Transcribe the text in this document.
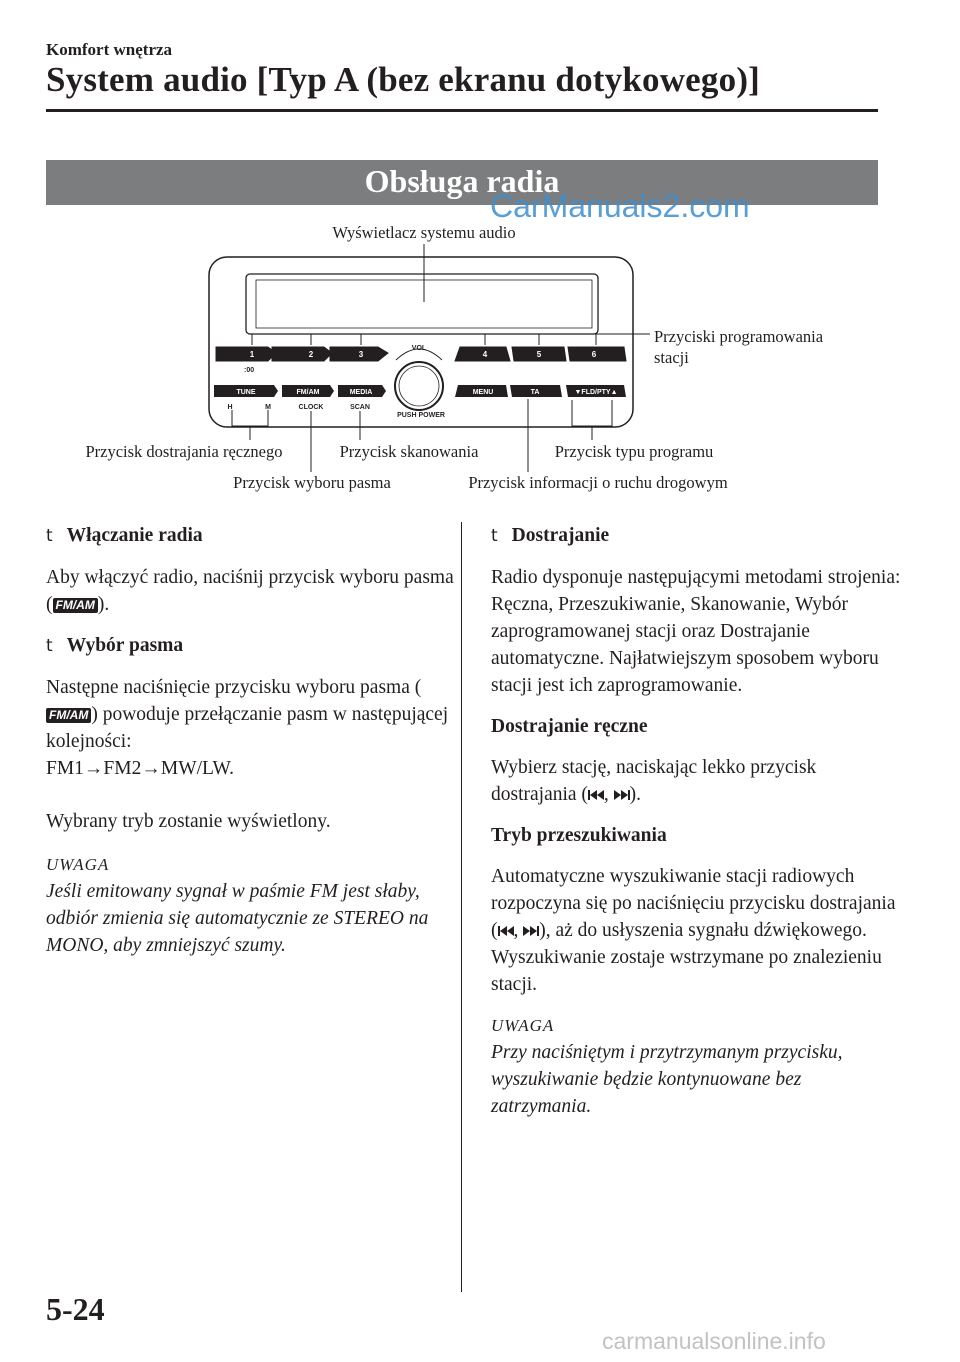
Komfort wnętrza
System audio [Typ A (bez ekranu dotykowego)]
Obsługa radia
CarManuals2.com
Wyświetlacz systemu audio
Przyciski programowania
stacji
Przycisk dostrajania ręcznego	Przycisk skanowania	Przycisk typu programu
Przycisk wyboru pasma	Przycisk informacji o ruchu drogowym
1	2	3	4	5	6
:00
VOL
PUSH POWER
TUNE	FM/AM	MEDIA	MENU	TA	▼FLD/PTY▲
H	M	CLOCK	SCAN
t Włączanie radia

Aby włączyć radio, naciśnij przycisk wyboru pasma ( FM/AM ).

t Wybór pasma

Następne naciśnięcie przycisku wyboru pasma (FM/AM ) powoduje przełączanie pasm w następującej kolejności:

FM1→FM2→MW/LW.

Wybrany tryb zostanie wyświetlony.

UWAGA

Jeśli emitowany sygnał w paśmie FM jest słaby, odbiór zmienia się automatycznie ze STEREO na MONO, aby zmniejszyć szumy.

t Dostrajanie

Radio dysponuje następującymi metodami strojenia: Ręczna, Przeszukiwanie, Skanowanie, Wybór zaprogramowanej stacji oraz Dostrajanie automatyczne. Najłatwiejszym sposobem wyboru stacji jest ich zaprogramowanie.

Dostrajanie ręczne

Wybierz stację, naciskając lekko przycisk dostrajania ( , ).

Tryb przeszukiwania

Automatyczne wyszukiwanie stacji radiowych rozpoczyna się po naciśnięciu przycisku dostrajania ( , ), aż do usłyszenia sygnału dźwiękowego. Wyszukiwanie zostaje wstrzymane po znalezieniu stacji.

UWAGA

Przy naciśniętym i przytrzymanym przycisku, wyszukiwanie będzie kontynuowane bez zatrzymania.

5-24
carmanualsonline.info
